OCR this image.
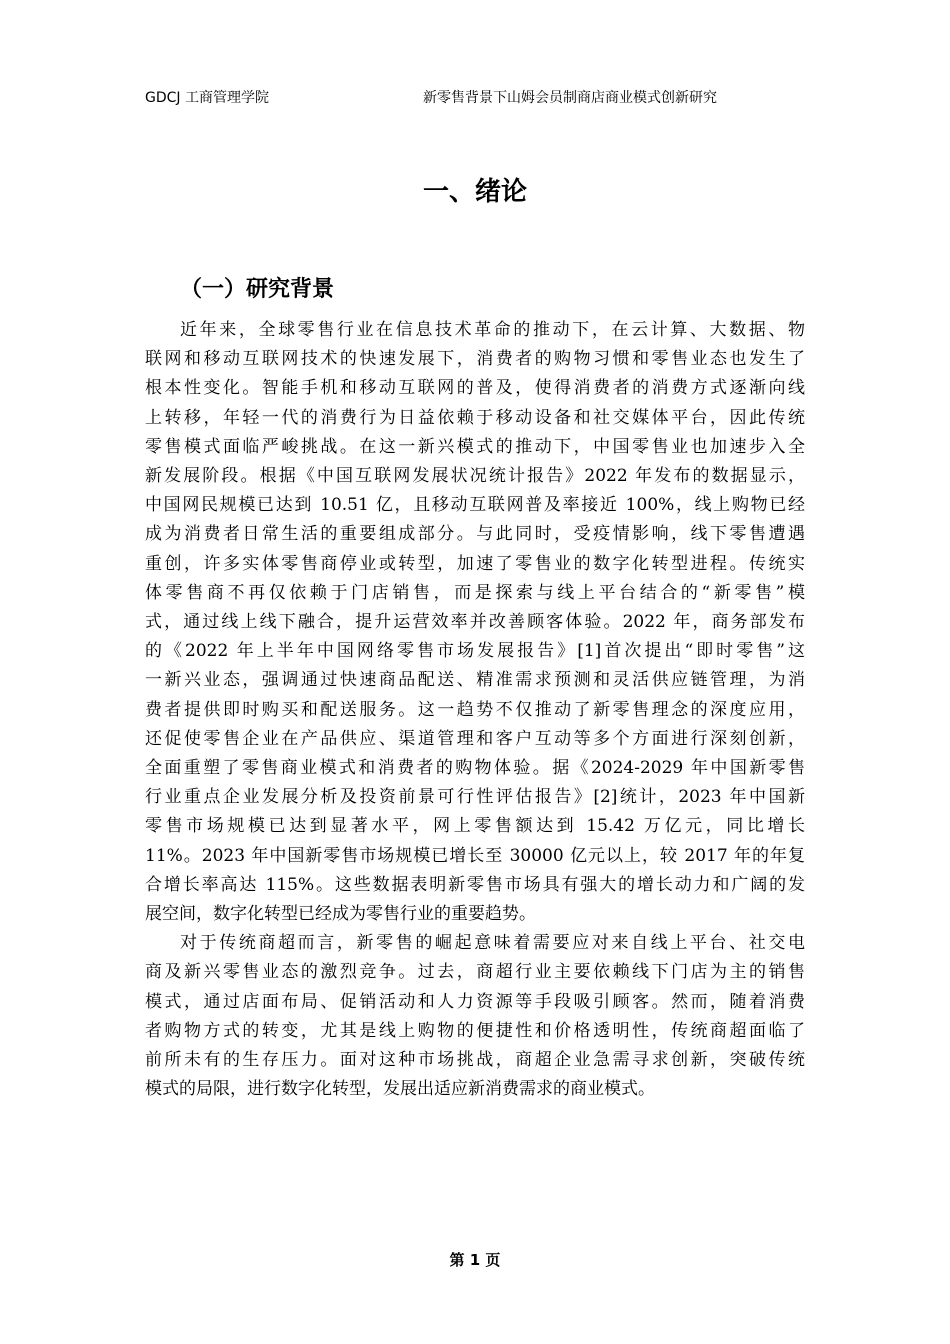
GDCJ 工商管理学院	新零售背景下山姆会员制商店商业模式创新研究
一、绪论
（一）研究背景

近年来，全球零售行业在信息技术革命的推动下，在云计算、大数据、物
联网和移动互联网技术的快速发展下，消费者的购物习惯和零售业态也发生了
根本性变化。智能手机和移动互联网的普及，使得消费者的消费方式逐渐向线
上转移，年轻一代的消费行为日益依赖于移动设备和社交媒体平台，因此传统
零售模式面临严峻挑战。在这一新兴模式的推动下，中国零售业也加速步入全
新发展阶段。根据《中国互联网发展状况统计报告》2022 年发布的数据显示，
中国网民规模已达到 10.51 亿，且移动互联网普及率接近 100%，线上购物已经
成为消费者日常生活的重要组成部分。与此同时，受疫情影响，线下零售遭遇
重创，许多实体零售商停业或转型，加速了零售业的数字化转型进程。传统实
体零售商不再仅依赖于门店销售，而是探索与线上平台结合的“新零售”模
式，通过线上线下融合，提升运营效率并改善顾客体验。2022 年，商务部发布
的《2022 年上半年中国网络零售市场发展报告》[1]首次提出“即时零售”这
一新兴业态，强调通过快速商品配送、精准需求预测和灵活供应链管理，为消
费者提供即时购买和配送服务。这一趋势不仅推动了新零售理念的深度应用，
还促使零售企业在产品供应、渠道管理和客户互动等多个方面进行深刻创新，
全面重塑了零售商业模式和消费者的购物体验。据《2024-2029 年中国新零售
行业重点企业发展分析及投资前景可行性评估报告》[2]统计，2023 年中国新
零售市场规模已达到显著水平，网上零售额达到 15.42 万亿元，同比增长
11%。2023 年中国新零售市场规模已增长至 30000 亿元以上，较 2017 年的年复
合增长率高达 115%。这些数据表明新零售市场具有强大的增长动力和广阔的发
展空间，数字化转型已经成为零售行业的重要趋势。

对于传统商超而言，新零售的崛起意味着需要应对来自线上平台、社交电
商及新兴零售业态的激烈竞争。过去，商超行业主要依赖线下门店为主的销售
模式，通过店面布局、促销活动和人力资源等手段吸引顾客。然而，随着消费
者购物方式的转变，尤其是线上购物的便捷性和价格透明性，传统商超面临了
前所未有的生存压力。面对这种市场挑战，商超企业急需寻求创新，突破传统
模式的局限，进行数字化转型，发展出适应新消费需求的商业模式。

第 1 页
